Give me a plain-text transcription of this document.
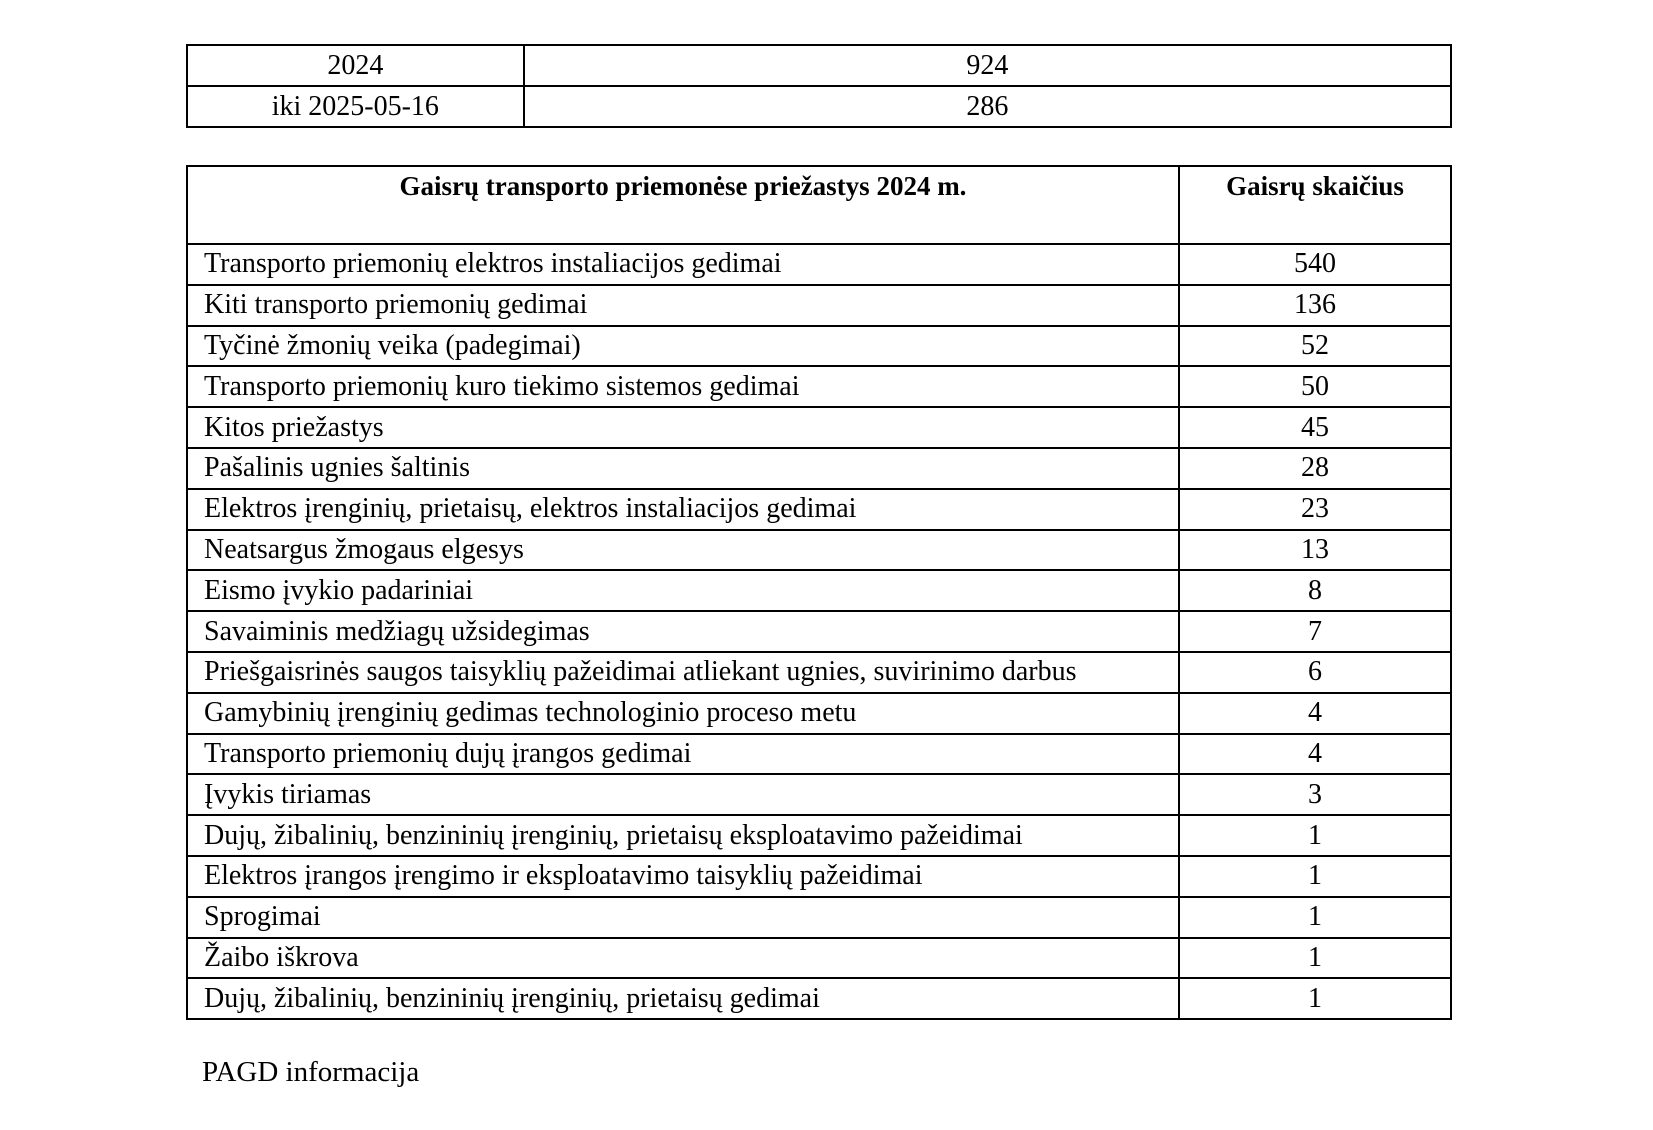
2024	924
iki 2025-05-16	286
Gaisrų transporto priemonėse priežastys 2024 m.	Gaisrų skaičius
Transporto priemonių elektros instaliacijos gedimai	540
Kiti transporto priemonių gedimai	136
Tyčinė žmonių veika (padegimai)	52
Transporto priemonių kuro tiekimo sistemos gedimai	50
Kitos priežastys	45
Pašalinis ugnies šaltinis	28
Elektros įrenginių, prietaisų, elektros instaliacijos gedimai	23
Neatsargus žmogaus elgesys	13
Eismo įvykio padariniai	8
Savaiminis medžiagų užsidegimas	7
Priešgaisrinės saugos taisyklių pažeidimai atliekant ugnies, suvirinimo darbus	6
Gamybinių įrenginių gedimas technologinio proceso metu	4
Transporto priemonių dujų įrangos gedimai	4
Įvykis tiriamas	3
Dujų, žibalinių, benzininių įrenginių, prietaisų eksploatavimo pažeidimai	1
Elektros įrangos įrengimo ir eksploatavimo taisyklių pažeidimai	1
Sprogimai	1
Žaibo iškrova	1
Dujų, žibalinių, benzininių įrenginių, prietaisų gedimai	1
PAGD informacija
